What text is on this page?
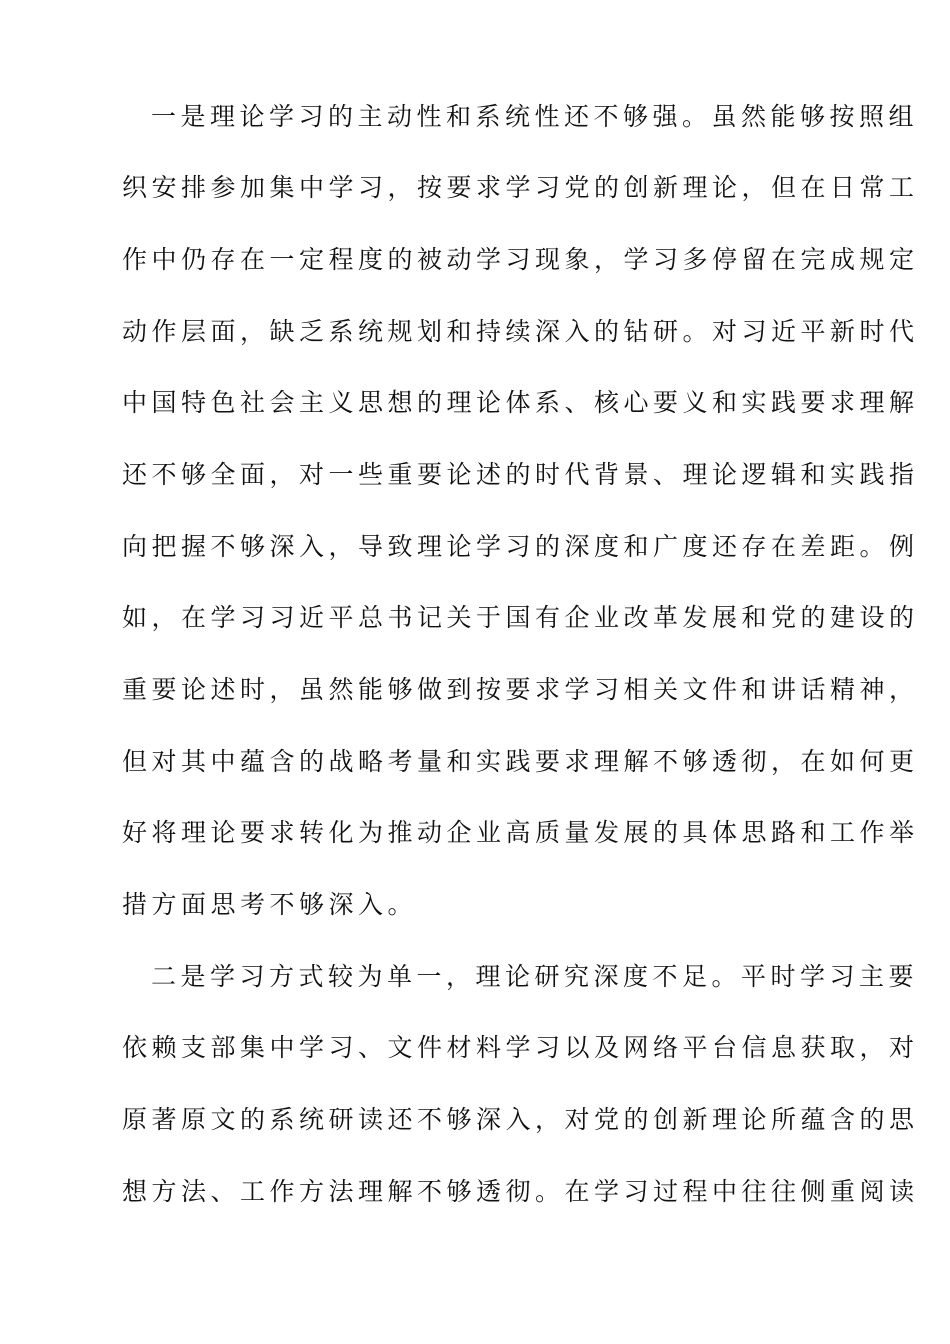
一是理论学习的主动性和系统性还不够强。虽然能够按照组
织安排参加集中学习，按要求学习党的创新理论，但在日常工
作中仍存在一定程度的被动学习现象，学习多停留在完成规定
动作层面，缺乏系统规划和持续深入的钻研。对习近平新时代
中国特色社会主义思想的理论体系、核心要义和实践要求理解
还不够全面，对一些重要论述的时代背景、理论逻辑和实践指
向把握不够深入，导致理论学习的深度和广度还存在差距。例
如，在学习习近平总书记关于国有企业改革发展和党的建设的
重要论述时，虽然能够做到按要求学习相关文件和讲话精神，
但对其中蕴含的战略考量和实践要求理解不够透彻，在如何更
好将理论要求转化为推动企业高质量发展的具体思路和工作举
措方面思考不够深入。
二是学习方式较为单一，理论研究深度不足。平时学习主要
依赖支部集中学习、文件材料学习以及网络平台信息获取，对
原著原文的系统研读还不够深入，对党的创新理论所蕴含的思
想方法、工作方法理解不够透彻。在学习过程中往往侧重阅读
